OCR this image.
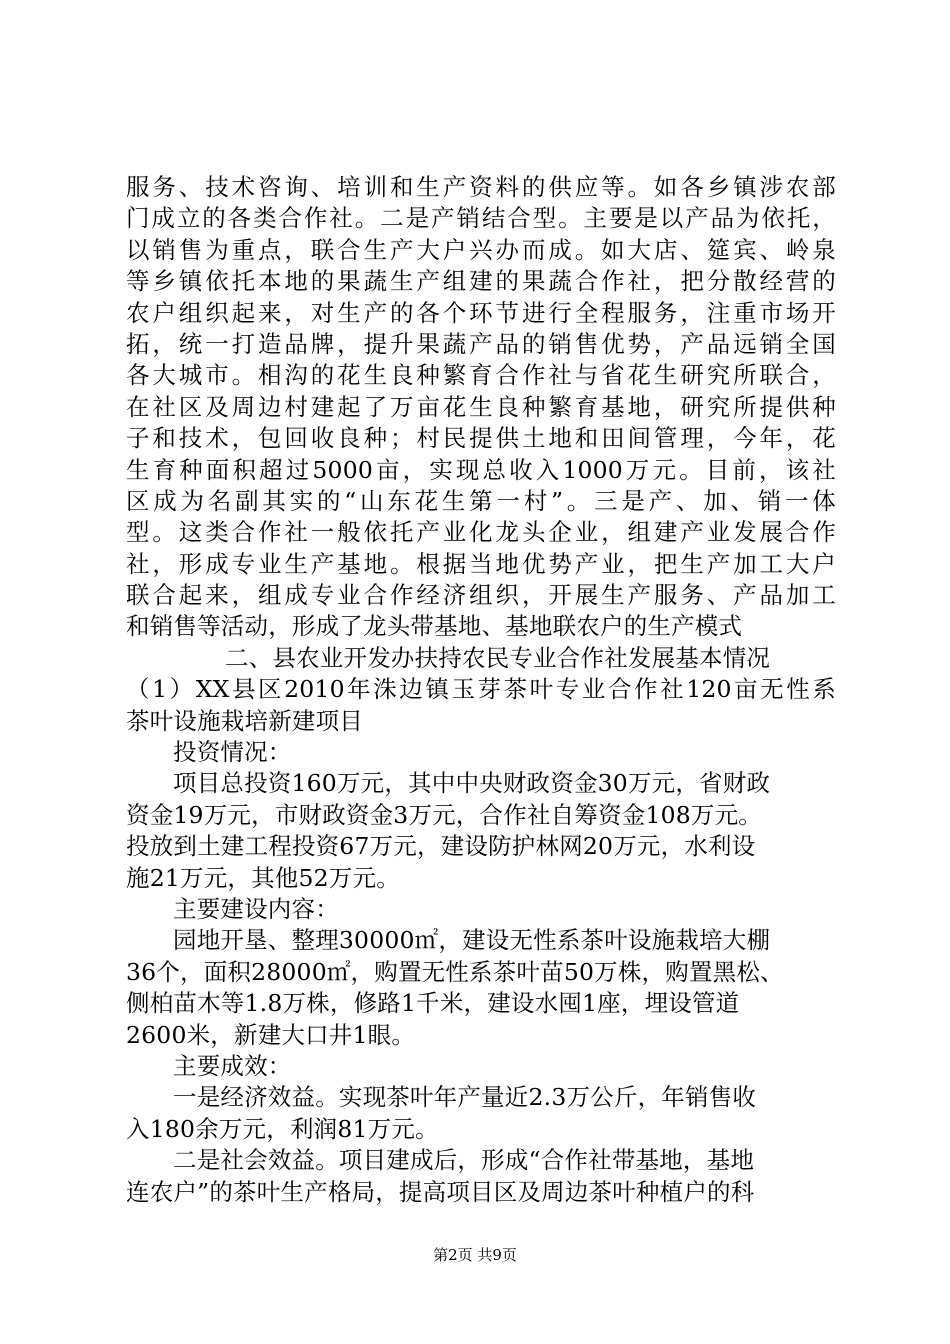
服务、技术咨询、培训和生产资料的供应等。如各乡镇涉农部
门成立的各类合作社。二是产销结合型。主要是以产品为依托，
以销售为重点，联合生产大户兴办而成。如大店、筵宾、岭泉
等乡镇依托本地的果蔬生产组建的果蔬合作社，把分散经营的
农户组织起来，对生产的各个环节进行全程服务，注重市场开
拓，统一打造品牌，提升果蔬产品的销售优势，产品远销全国
各大城市。相沟的花生良种繁育合作社与省花生研究所联合，
在社区及周边村建起了万亩花生良种繁育基地，研究所提供种
子和技术，包回收良种；村民提供土地和田间管理，今年，花
生育种面积超过5000亩，实现总收入1000万元。目前，该社
区成为名副其实的“山东花生第一村”。三是产、加、销一体
型。这类合作社一般依托产业化龙头企业，组建产业发展合作
社，形成专业生产基地。根据当地优势产业，把生产加工大户
联合起来，组成专业合作经济组织，开展生产服务、产品加工
和销售等活动，形成了龙头带基地、基地联农户的生产模式
二、县农业开发办扶持农民专业合作社发展基本情况
（1）XX县区2010年洙边镇玉芽茶叶专业合作社120亩无性系
茶叶设施栽培新建项目
投资情况：
项目总投资160万元，其中中央财政资金30万元，省财政
资金19万元，市财政资金3万元，合作社自筹资金108万元。
投放到土建工程投资67万元，建设防护林网20万元，水利设
施21万元，其他52万元。
主要建设内容：
园地开垦、整理30000㎡，建设无性系茶叶设施栽培大棚
36个，面积28000㎡，购置无性系茶叶苗50万株，购置黑松、
侧柏苗木等1.8万株，修路1千米，建设水囤1座，埋设管道
2600米，新建大口井1眼。
主要成效：
一是经济效益。实现茶叶年产量近2.3万公斤，年销售收
入180余万元，利润81万元。
二是社会效益。项目建成后，形成“合作社带基地，基地
连农户”的茶叶生产格局，提高项目区及周边茶叶种植户的科
第2页 共9页
